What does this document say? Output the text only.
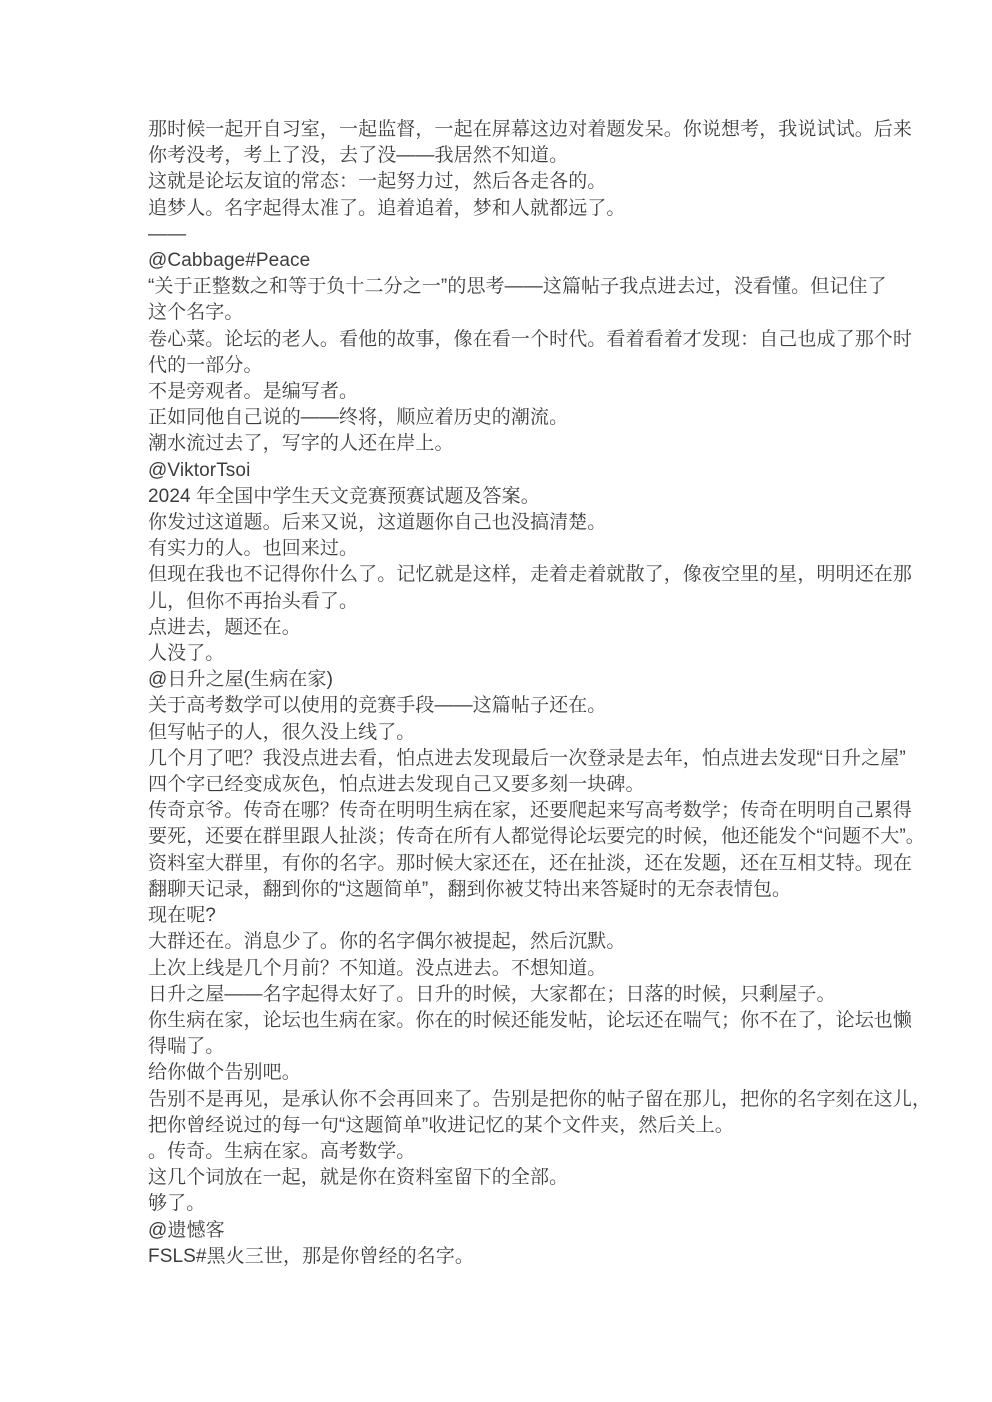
那时候一起开自习室，一起监督，一起在屏幕这边对着题发呆。你说想考，我说试试。后来
你考没考，考上了没，去了没——我居然不知道。
这就是论坛友谊的常态：一起努力过，然后各走各的。
追梦人。名字起得太准了。追着追着，梦和人就都远了。
——
@Cabbage#Peace
“关于正整数之和等于负十二分之一”的思考——这篇帖子我点进去过，没看懂。但记住了
这个名字。
卷心菜。论坛的老人。看他的故事，像在看一个时代。看着看着才发现：自己也成了那个时
代的一部分。
不是旁观者。是编写者。
正如同他自己说的——终将，顺应着历史的潮流。
潮水流过去了，写字的人还在岸上。
@ViktorTsoi
2024 年全国中学生天文竞赛预赛试题及答案。
你发过这道题。后来又说，这道题你自己也没搞清楚。
有实力的人。也回来过。
但现在我也不记得你什么了。记忆就是这样，走着走着就散了，像夜空里的星，明明还在那
儿，但你不再抬头看了。
点进去，题还在。
人没了。
@日升之屋(生病在家)
关于高考数学可以使用的竞赛手段——这篇帖子还在。
但写帖子的人，很久没上线了。
几个月了吧？我没点进去看，怕点进去发现最后一次登录是去年，怕点进去发现“日升之屋”
四个字已经变成灰色，怕点进去发现自己又要多刻一块碑。
传奇京爷。传奇在哪？传奇在明明生病在家，还要爬起来写高考数学；传奇在明明自己累得
要死，还要在群里跟人扯淡；传奇在所有人都觉得论坛要完的时候，他还能发个“问题不大”。
资料室大群里，有你的名字。那时候大家还在，还在扯淡，还在发题，还在互相艾特。现在
翻聊天记录，翻到你的“这题简单”，翻到你被艾特出来答疑时的无奈表情包。
现在呢?
大群还在。消息少了。你的名字偶尔被提起，然后沉默。
上次上线是几个月前？不知道。没点进去。不想知道。
日升之屋——名字起得太好了。日升的时候，大家都在；日落的时候，只剩屋子。
你生病在家，论坛也生病在家。你在的时候还能发帖，论坛还在喘气；你不在了，论坛也懒
得喘了。
给你做个告别吧。
告别不是再见，是承认你不会再回来了。告别是把你的帖子留在那儿，把你的名字刻在这儿，
把你曾经说过的每一句“这题简单”收进记忆的某个文件夹，然后关上。
。传奇。生病在家。高考数学。
这几个词放在一起，就是你在资料室留下的全部。
够了。
@遗憾客
FSLS#黑火三世，那是你曾经的名字。
